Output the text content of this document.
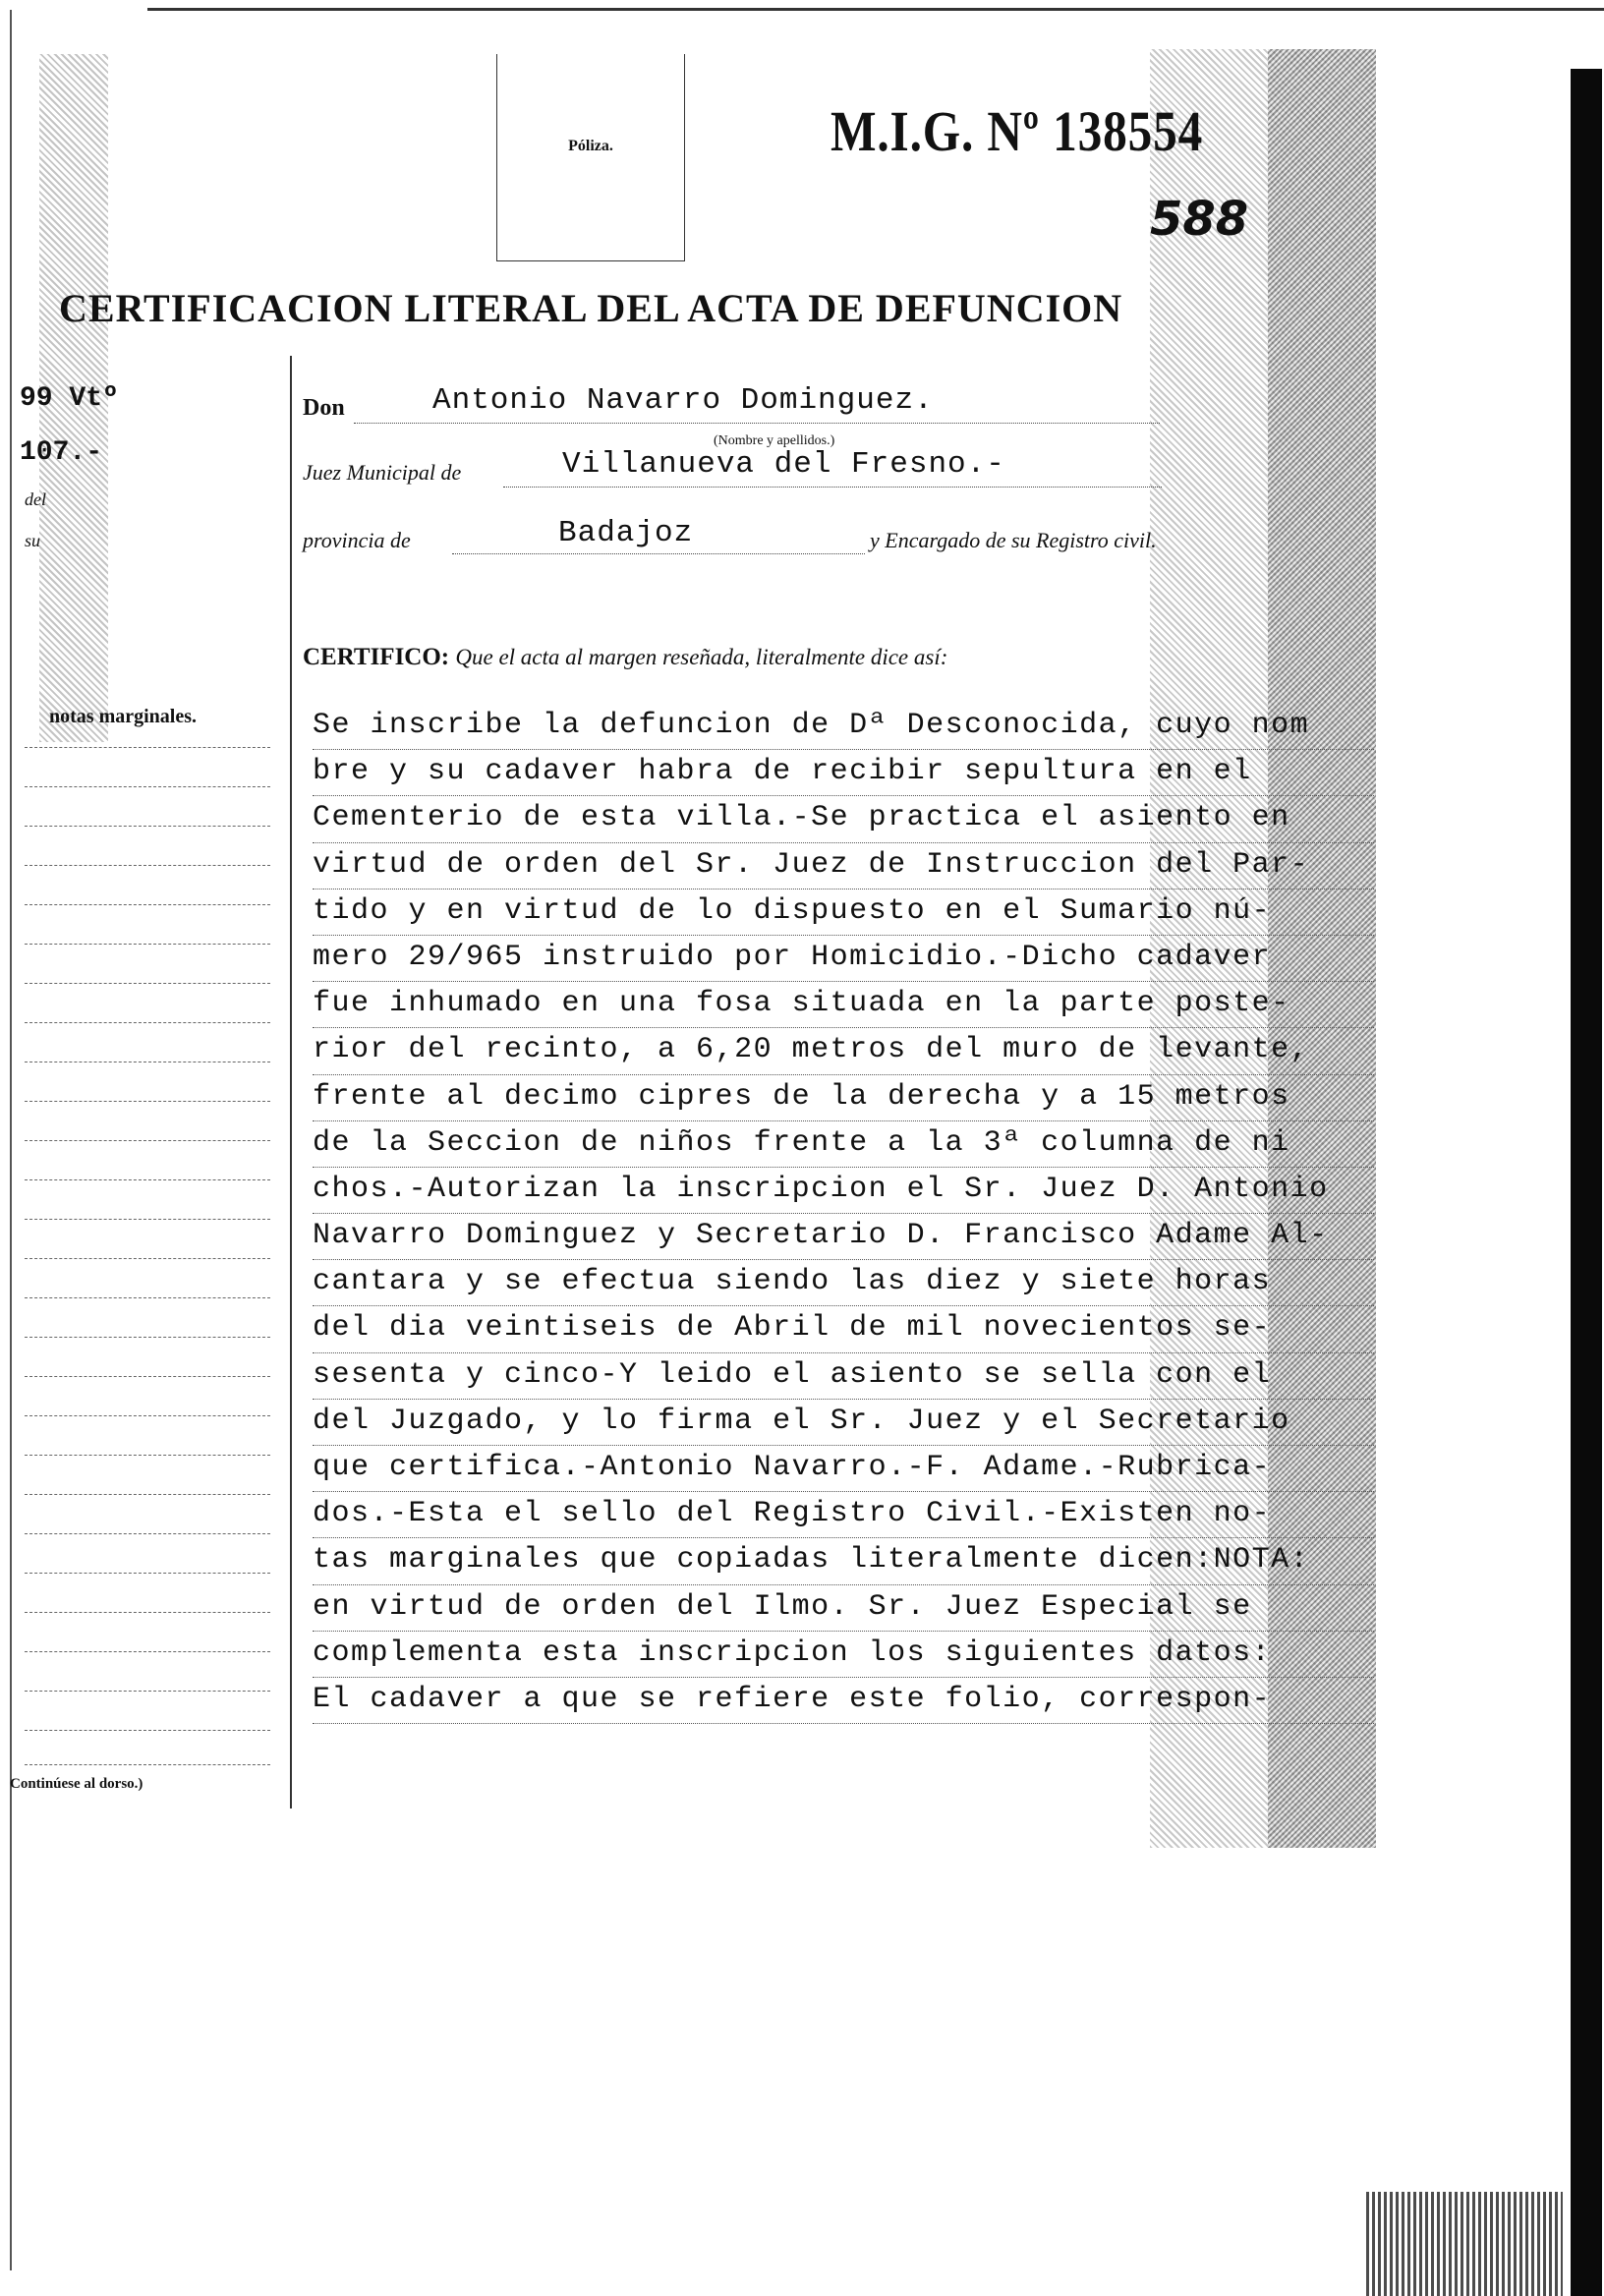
Póliza.	M.I.G. Nº 138554
588
CERTIFICACION LITERAL DEL ACTA DE DEFUNCION
99 Vtº
107.-
del
su
notas marginales.
Continúese al dorso.)
Don	Antonio Navarro Dominguez.
(Nombre y apellidos.)
Juez Municipal de	Villanueva del Fresno.-
provincia de	Badajoz	y Encargado de su Registro civil.
CERTIFICO: Que el acta al margen reseñada, literalmente dice así:
Se inscribe la defuncion de Dª Desconocida, cuyo nom
bre y su cadaver habra de recibir sepultura en el
Cementerio de esta villa.-Se practica el asiento en
virtud de orden del Sr. Juez de Instruccion del Par-
tido y en virtud de lo dispuesto en el Sumario nú-
mero 29/965 instruido por Homicidio.-Dicho cadaver
fue inhumado en una fosa situada en la parte poste-
rior del recinto, a 6,20 metros del muro de levante,
frente al decimo cipres de la derecha y a 15 metros
de la Seccion de niños frente a la 3ª columna de ni
chos.-Autorizan la inscripcion el Sr. Juez D. Antonio
Navarro Dominguez y Secretario D. Francisco Adame Al-
cantara y se efectua siendo las diez y siete horas
del dia veintiseis de Abril de mil novecientos se-
sesenta y cinco-Y leido el asiento se sella con el
del Juzgado, y lo firma el Sr. Juez y el Secretario
que certifica.-Antonio Navarro.-F. Adame.-Rubrica-
dos.-Esta el sello del Registro Civil.-Existen no-
tas marginales que copiadas literalmente dicen:NOTA:
en virtud de orden del Ilmo. Sr. Juez Especial se
complementa esta inscripcion los siguientes datos:
El cadaver a que se refiere este folio, correspon-
